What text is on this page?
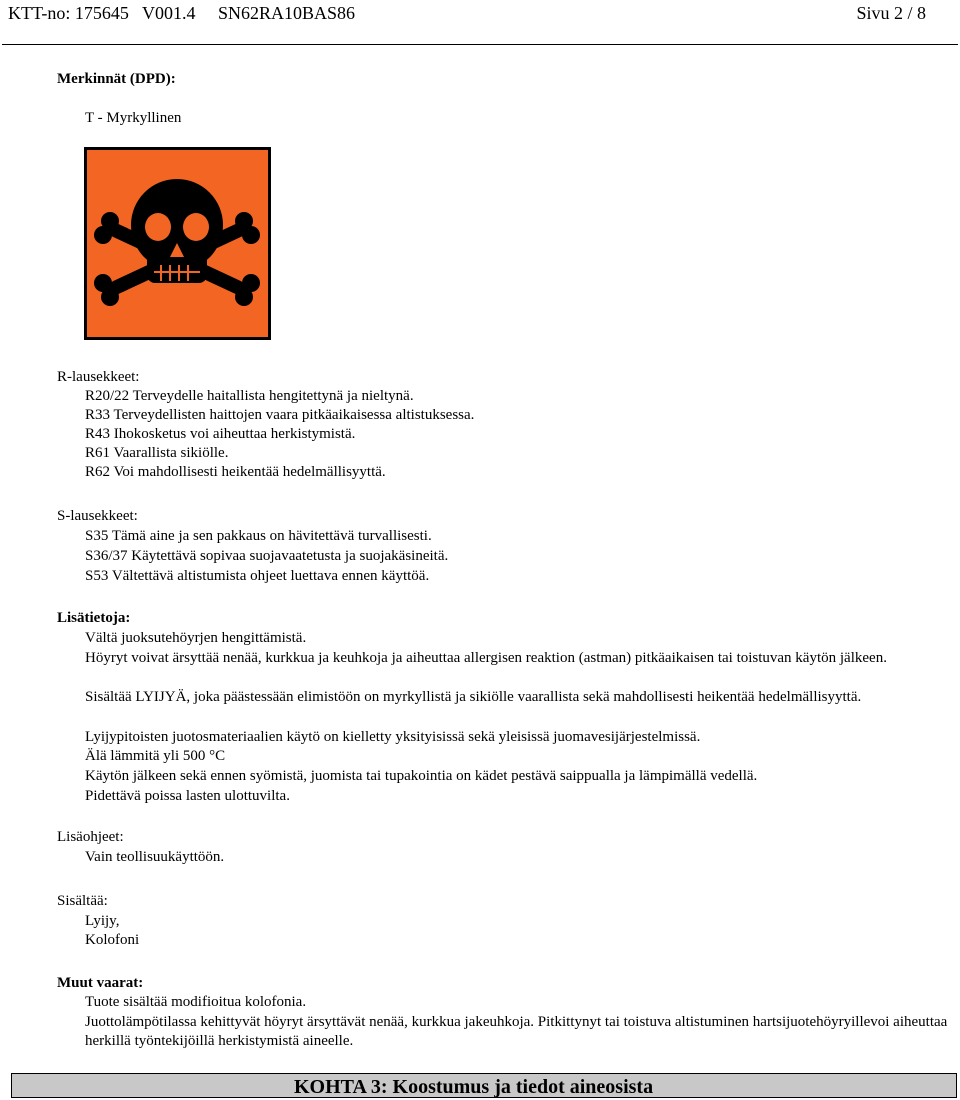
KTT-no: 175645   V001.4     SN62RA10BAS86	Sivu 2 / 8
Merkinnät (DPD):
T - Myrkyllinen
R-lausekkeet:
R20/22 Terveydelle haitallista hengitettynä ja nieltynä.
R33 Terveydellisten haittojen vaara pitkäaikaisessa altistuksessa.
R43 Ihokosketus voi aiheuttaa herkistymistä.
R61 Vaarallista sikiölle.
R62 Voi mahdollisesti heikentää hedelmällisyyttä.
S-lausekkeet:
S35 Tämä aine ja sen pakkaus on hävitettävä turvallisesti.
S36/37 Käytettävä sopivaa suojavaatetusta ja suojakäsineitä.
S53 Vältettävä altistumista ohjeet luettava ennen käyttöä.
Lisätietoja:
Vältä juoksutehöyrjen hengittämistä.
Höyryt voivat ärsyttää nenää, kurkkua ja keuhkoja ja aiheuttaa allergisen reaktion (astman) pitkäaikaisen tai toistuvan käytön jälkeen.
Sisältää LYIJYÄ, joka päästessään elimistöön on myrkyllistä ja sikiölle vaarallista sekä mahdollisesti heikentää hedelmällisyyttä.
Lyijypitoisten juotosmateriaalien käytö on kielletty yksityisissä sekä yleisissä juomavesijärjestelmissä.
Älä lämmitä yli 500 °C
Käytön jälkeen sekä ennen syömistä, juomista tai tupakointia on kädet pestävä saippualla ja lämpimällä vedellä.
Pidettävä poissa lasten ulottuvilta.
Lisäohjeet:
Vain teollisuukäyttöön.
Sisältää:
Lyijy,
Kolofoni
Muut vaarat:
Tuote sisältää modifioitua kolofonia.
Juottolämpötilassa kehittyvät höyryt ärsyttävät nenää, kurkkua jakeuhkoja. Pitkittynyt tai toistuva altistuminen hartsijuotehöyryillevoi aiheuttaa herkillä työntekijöillä herkistymistä aineelle.
KOHTA 3: Koostumus ja tiedot aineosista
